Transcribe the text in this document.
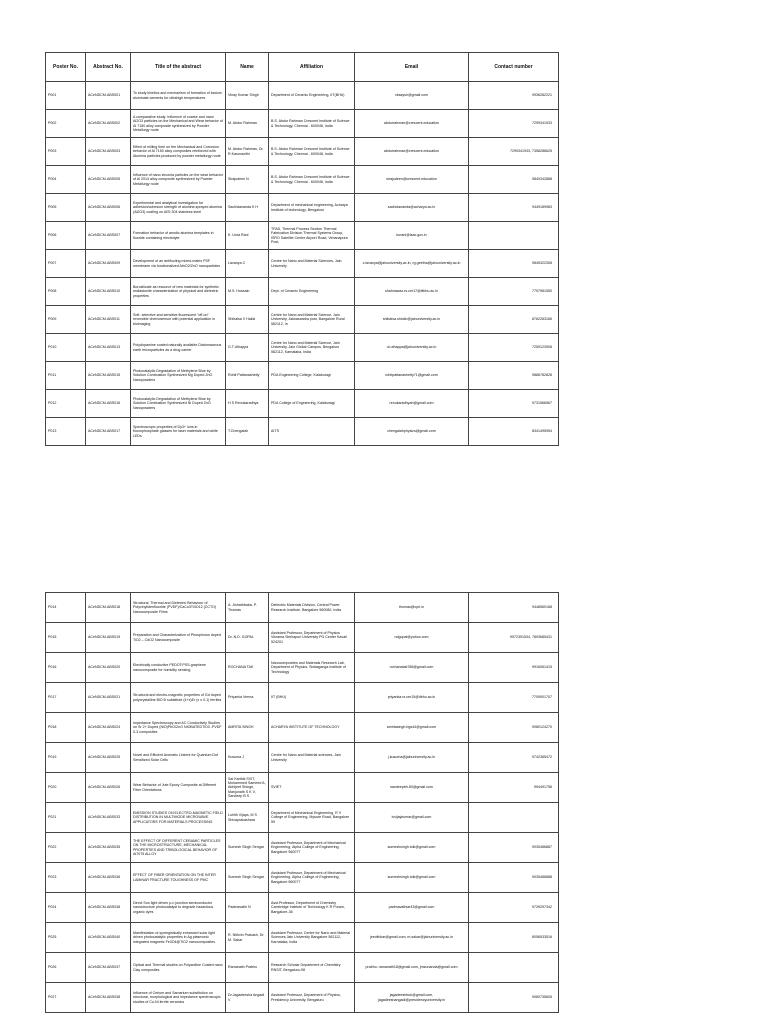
Poster No.	Abstract No.	Title of the abstract	Name	Affiliation	Email	Contact number
P001	ACeNDCM-ABS001	To study kinetics and mechanism of formation of barium aluminate cements for ultrahigh temperatures	Vinay Kumar Singh	Department of Ceramic Engineering, IIT(BHU)	vksaysn@gmail.com	9936282221
P002	ACeNDCM-ABS002	A comparative study: Influence of coarse and nano Al2O3 particles on the Mechanical and Wear behavior of Al 7150 alloy composite synthesized by Powder Metallurgy route	M. Abdur Rahman	B.S. Abdur Rahman Crescent Institute of Science & Technology, Chennai - 600048, India	abdurrahman@crescent.education	7299341933
P003	ACeNDCM-ABS003	Effect of milling time on the Mechanical and Corrosion behavior of Al 7150 alloy composites reinforced with Alumina particles produced by powder metallurgy route	M. Abdur Rahman, Dr. R.Karunanithi	B.S. Abdur Rahman Crescent Institute of Science & Technology, Chennai - 600048, India	abdurrahman@crescent.education	7299341933, 7358286625
P004	ACeNDCM-ABS005	Influence of nano zirconia particles on the wear behavior of Al 2014 alloy composite synthesized by Powder Metallurgy route	Sirajudeen N	B.S. Abdur Rahman Crescent Institute of Science & Technology, Chennai - 600048, India	sirajudeen@crescent.education	9840342888
P005	ACeNDCM-ABS006	Experimental and analytical investigation for adhesion/cohesion strength of alumina sprayed alumina (Al2O3) coating on AISI 304 stainless steel	Sachidananda K H	Department of mechanical engineering, Acharya Institute of technology, Bengaluru	sachidananda@acharya.ac.in	9449189983
P006	ACeNDCM-ABS007	Formation behavior of anodic alumina templates in fluoride containing electrolyte	K. Uma Rani	TFAD, Thermal Process Section Thermal Fabrication Division Thermal Systems Group, ISRO Satellite Centre Airport Road, Vimanapura Post,	kurani@isac.gov.in	
P007	ACeNDCM-ABS009	Development of an antifouling mixed-matrix PSF membrane via functionalized-MnO2/ZnO nanoparticles	Lavanya C	Centre for Nano and Material Sciences, Jain University	c.lavanya@jainuniversity.ac.in, rg.geetha@jainuniversity.ac.in	9845322308
P008	ACeNDCM-ABS010	Borosilicate as resource of new materials for synthetic wollastonite characterization of physical and dielectric properties	M.S. Hussain	Dept. of Ceramic Engineering	shahnawaz.rs.cer17@iitbhu.ac.in	7797981550
P009	ACeNDCM-ABS011	Soft- selective and sensitive fluorescent "off-on" reversible chemosensor with potential application in bioimaging	Shibalsa V Hakki	Centre for Nano and Material Science, Jain University, Jakkasandra post, Bangalore Rural 562112, In	shibalsa.shlokh@jainuniversity.ac.in	8762263166
P010	ACeNDCM-ABS013	Polydopamine coated naturally available Diatomaceous earth microparticles as a drug carrier	G.T.Uthappa	Centre for Nano and Material Science, Jain University, Jain Global Campus, Bengaluru 562112, Karnataka, India	ut.uthappa@jainuniversity.ac.in	7259123908
P011	ACeNDCM-ABS015	Photocatalytic Degradation of Methylene Blue by Solution Combustion Synthesized Mg Doped ZnO Nanopowders	Rohit Pattanashetty	PDA Engineering College, Kalaburagi	rohitpattanashetty71@gmail.com	9886782828
P012	ACeNDCM-ABS016	Photocatalytic Degradation of Methylene Blue by Solution Combustion Synthesized Ni Doped ZnO Nanopowders	H S Renukaradhya	PDA College of Engineering, Kalaburagi	renukaradhyah@gmail.com	9731566567
P013	ACeNDCM-ABS017	Spectroscopic properties of Dy3+ ions in fluorophosphate glasses for laser materials and white LEDs	T.Chengaiah	AITS	chengaiahphysics@gmail.com	8341495954
P014	ACeNDCM-ABS018	Structural, Thermal and Dielectric Behaviour of Polyvinylidenfluoride (PVDF)/CaCu3Ti4O12 (CCTO) Nanocomposite Films	A. Jishathbaba, P. Thomas	Dielectric Materials Division, Central Power Research Institute, Bangalore 560080, India	thomas@cpri.in	9448560168
P015	ACeNDCM-ABS019	Preparation and Characterization of Phosphorus doped TiO2 – CdO2 Nanocomposite	Dr. N.D. GOPAL	Assistant Professor, Department of Physics Vikrama Simhapuri University PG Center Kavali 524201	ndgopal@yahoo.com	9972391534, 7893685431
P016	ACeNDCM-ABS020	Electrically conductive PEDOT:PSS-graphene nanocomposite for humidity sensing	ROCHANA TAK	Nanocomposites and Materials Research Lab, Department of Physics, Siddaganga Institute of Technology	rochanatak786@gmail.com	9916061415
P017	ACeNDCM-ABS021	Structural and electro-magnetic properties of Gd doped polycrystalline BiO B substitute (4+x)Er (x ≤ 0.1) ferrites	Priyanka Verma	IIT (BHU)	priyanka.rs.cer15@itbhu.ac.in	7705901707
P018	ACeNDCM-ABS024	Impedance Spectroscopy and AC Conductivity Studies on Sr 2+ Doped (NiO)PbO/ZnO NIOBATEDTiO3 -PVDF 0-3 composites	AMRITA SINGH	ACHARYA INSTITUTE OF TECHNOLOGY	amritasingh.bgs44@gmail.com	9080124270
P019	ACeNDCM-ABS025	Novel and Efficient Aromatic Linkers for Quantum Dot Sensitized Solar Cells	Kusuma J	Centre for Nano and Material sciences, Jain University	j.kusuma@jainuniversity.ac.in	9742365472
P020	ACeNDCM-ABS026	Wear Behavior of Jute Epoxy Composite at Different Fiber Orientations	Sai Karthik SVIT, Mohammed Sameed A, Abhijeet Shingh, Manjunath S K V, Sandeep B S	SVIET	sandeepbh.80@gmail.com	994491756
P021	ACeNDCM-ABS033	EMISSION STUDIES ON ELECTRO-MAGNETIC FIELD DISTRIBUTION IN MULTIMODE MICROWAVE APPLICATORS FOR MATERIALS PROCESSING	Lohith Vijaya, M S Shivaprakashara	Department of Mechanical Engineering, R V College of Engineering, Mysore Road, Bangalore 59	lvvijaykumar@gmail.com	
P022	ACeNDCM-ABS035	THE EFFECT OF DIFFERENT CERAMIC PARTICLES ON THE MICROSTRUCTURE, MECHANICAL PROPERTIES AND TRIBOLOGICAL BEHAVIOR OF Al7075 ALLOY	Sumesh Singh Sengar	Assistant Professor, Department of Mechanical Engineering, Alpha College of Engineering, Bangalore 560077	sumeshsingh.tolk@gmail.com	9035486887
P023	ACeNDCM-ABS036	EFFECT OF FIBER ORIENTATION ON THE INTER LAMINAR FRACTURE TOUGHNESS OF PMC	Sumesh Singh Sengar	Assistant Professor, Department of Mechanical Engineering, Alpha College of Engineering, Bangalore 560077	sumeshsingh.tolk@gmail.com	9035486888
P024	ACeNDCM-ABS038	Direct Sun light driven p-n junction semiconductor nanostructure photocatalyst to degrade hazardous organic dyes	Padmavathi N	Asst.Professor, Department of Chemistry Cambridge Institute of Technology K R Puram, Bangalore-36	padmavathiar43@gmail.com	9739297342
P025	ACeNDCM-ABS040	Manifestation of synergistically enhanced solar light driven photocatalytic properties in Ag plasmonic integrated magnetic Fe3O4@TiO2 nanocomposites	R. Nithvin Prakash, Dr. M. Sakar	Assistant Professor, Centre for Nano and Material Sciences Jain University Bangalore 562112, Karnataka, India	jeevithkar@gmail.com, m.sakar@jainuniversity.ac.in	8056533516
P026	ACeNDCM-ABS037	Optical and Thermal studies on Polyaniline Coated nano Clay composites	Ramanath Prabhu	Research Scholar Department of Chemistry RNSIT, Bengaluru-98	prabhu. ramanath18@gmail.com, jmsunanda@gmail.com	
P027	ACeNDCM-ABS038	Influence of Cerium and Samarium substitution on structural, morphological and impedance spectroscopic studies of Co-Ni ferrite ceramics	Dr.Jagadeesha Angadi V	Assistant Professor, Department of Physics, Presidency University, Bengaluru	jagadeeshbub@gmail.com, jagadeeshangadi@presidencyuniversity.in	9080735605
